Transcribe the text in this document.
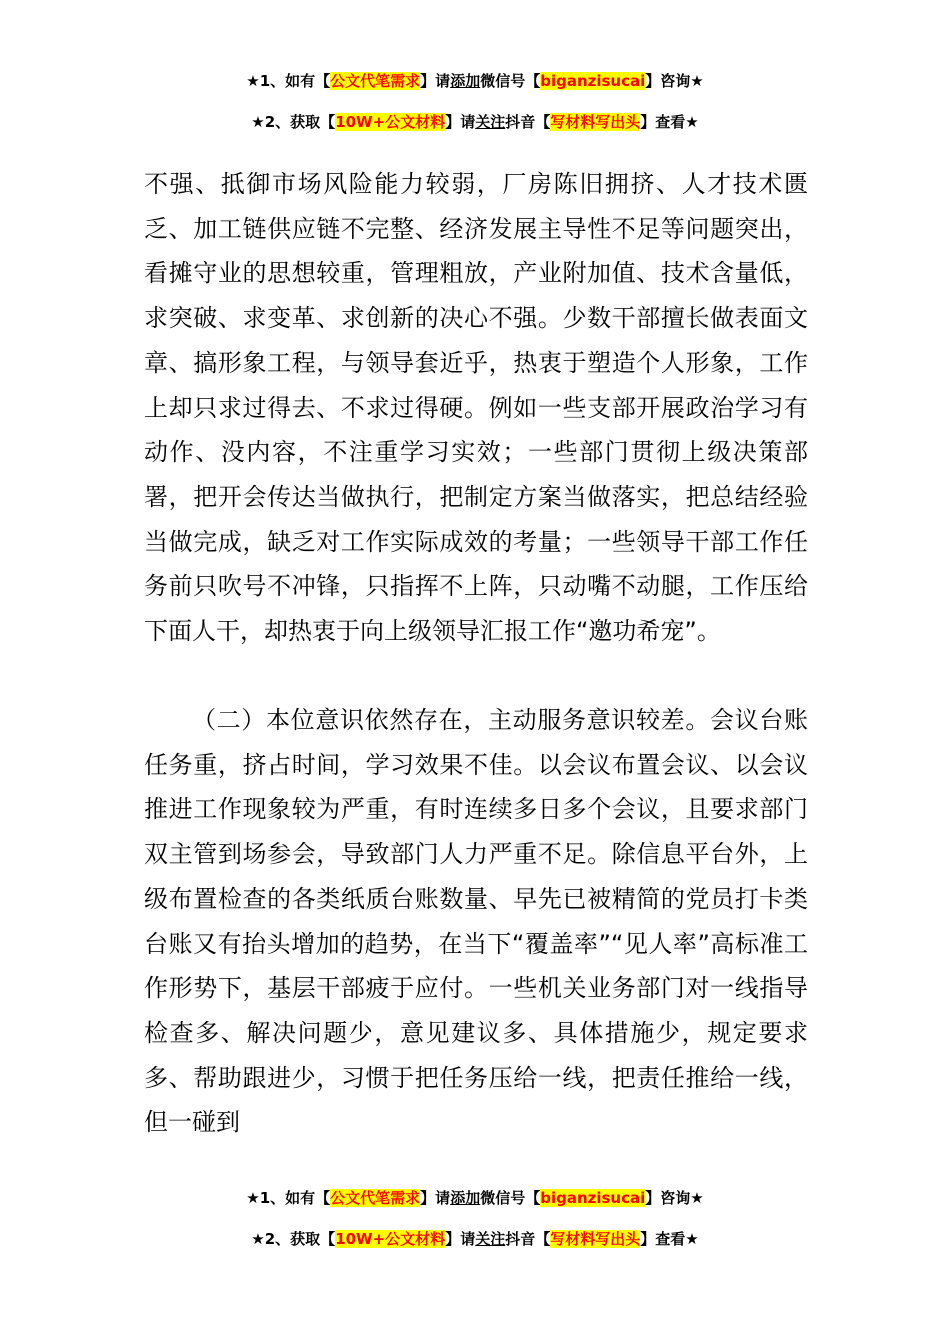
★1、如有【公文代笔需求】请添加微信号【biganzisucai】咨询★
★2、获取【10W+公文材料】请关注抖音【写材料写出头】查看★

不强、抵御市场风险能力较弱，厂房陈旧拥挤、人才技术匮乏、加工链供应链不完整、经济发展主导性不足等问题突出，看摊守业的思想较重，管理粗放，产业附加值、技术含量低，求突破、求变革、求创新的决心不强。少数干部擅长做表面文章、搞形象工程，与领导套近乎，热衷于塑造个人形象，工作上却只求过得去、不求过得硬。例如一些支部开展政治学习有动作、没内容，不注重学习实效；一些部门贯彻上级决策部署，把开会传达当做执行，把制定方案当做落实，把总结经验当做完成，缺乏对工作实际成效的考量；一些领导干部工作任务前只吹号不冲锋，只指挥不上阵，只动嘴不动腿，工作压给下面人干，却热衷于向上级领导汇报工作“邀功希宠”。

（二）本位意识依然存在，主动服务意识较差。会议台账任务重，挤占时间，学习效果不佳。以会议布置会议、以会议推进工作现象较为严重，有时连续多日多个会议，且要求部门双主管到场参会，导致部门人力严重不足。除信息平台外，上级布置检查的各类纸质台账数量、早先已被精简的党员打卡类台账又有抬头增加的趋势，在当下“覆盖率”“见人率”高标准工作形势下，基层干部疲于应付。一些机关业务部门对一线指导检查多、解决问题少，意见建议多、具体措施少，规定要求多、帮助跟进少，习惯于把任务压给一线，把责任推给一线，但一碰到

★1、如有【公文代笔需求】请添加微信号【biganzisucai】咨询★
★2、获取【10W+公文材料】请关注抖音【写材料写出头】查看★
